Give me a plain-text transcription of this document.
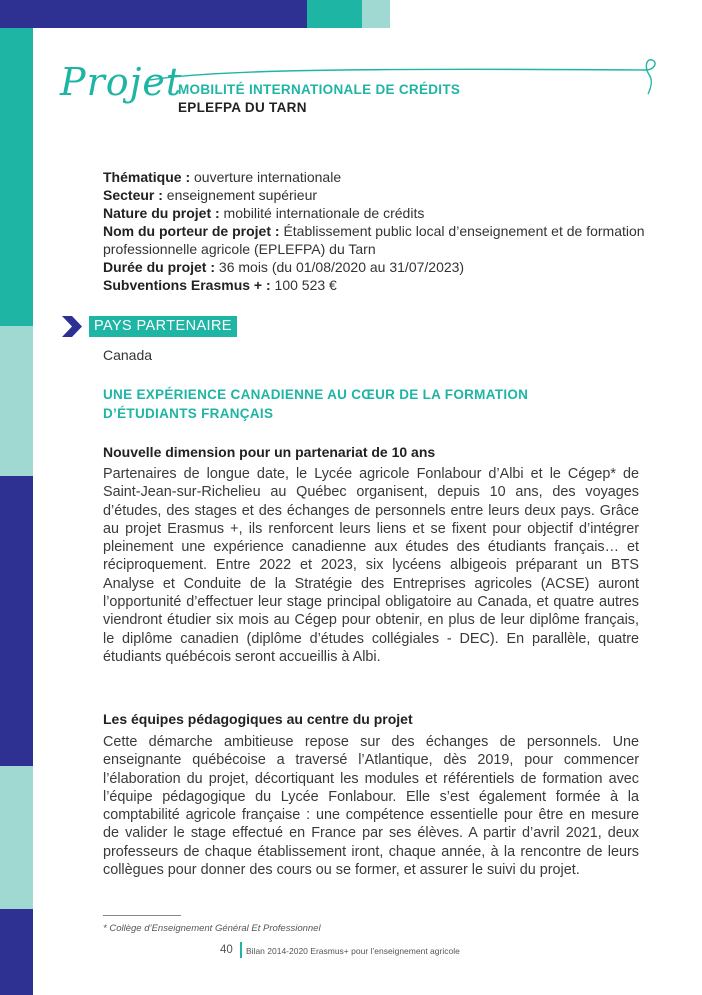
Projet
MOBILITÉ INTERNATIONALE DE CRÉDITS
EPLEFPA DU TARN
Thématique : ouverture internationale
Secteur : enseignement supérieur
Nature du projet : mobilité internationale de crédits
Nom du porteur de projet : Établissement public local d’enseignement et de formation professionnelle agricole (EPLEFPA) du Tarn
Durée du projet : 36 mois (du 01/08/2020 au 31/07/2023)
Subventions Erasmus + : 100 523 €
PAYS PARTENAIRE
Canada
UNE EXPÉRIENCE CANADIENNE AU CŒUR DE LA FORMATION D’ÉTUDIANTS FRANÇAIS
Nouvelle dimension pour un partenariat de 10 ans
Partenaires de longue date, le Lycée agricole Fonlabour d’Albi et le Cégep* de Saint-Jean-sur-Richelieu au Québec organisent, depuis 10 ans, des voyages d’études, des stages et des échanges de personnels entre leurs deux pays. Grâce au projet Erasmus +, ils renforcent leurs liens et se fixent pour objectif d’intégrer pleinement une expérience canadienne aux études des étudiants français… et réciproquement. Entre 2022 et 2023, six lycéens albigeois préparant un BTS Analyse et Conduite de la Stratégie des Entreprises agricoles (ACSE) auront l’opportunité d’effectuer leur stage principal obligatoire au Canada, et quatre autres viendront étudier six mois au Cégep pour obtenir, en plus de leur diplôme français, le diplôme canadien (diplôme d’études collégiales - DEC). En parallèle, quatre étudiants québécois seront accueillis à Albi.
Les équipes pédagogiques au centre du projet
Cette démarche ambitieuse repose sur des échanges de personnels. Une enseignante québécoise a traversé l’Atlantique, dès 2019, pour commencer l’élaboration du projet, décortiquant les modules et référentiels de formation avec l’équipe pédagogique du Lycée Fonlabour. Elle s’est également formée à la comptabilité agricole française : une compétence essentielle pour être en mesure de valider le stage effectué en France par ses élèves. A partir d’avril 2021, deux professeurs de chaque établissement iront, chaque année, à la rencontre de leurs collègues pour donner des cours ou se former, et assurer le suivi du projet.
* Collège d’Enseignement Général Et Professionnel
40 Bilan 2014-2020 Erasmus+ pour l’enseignement agricole
